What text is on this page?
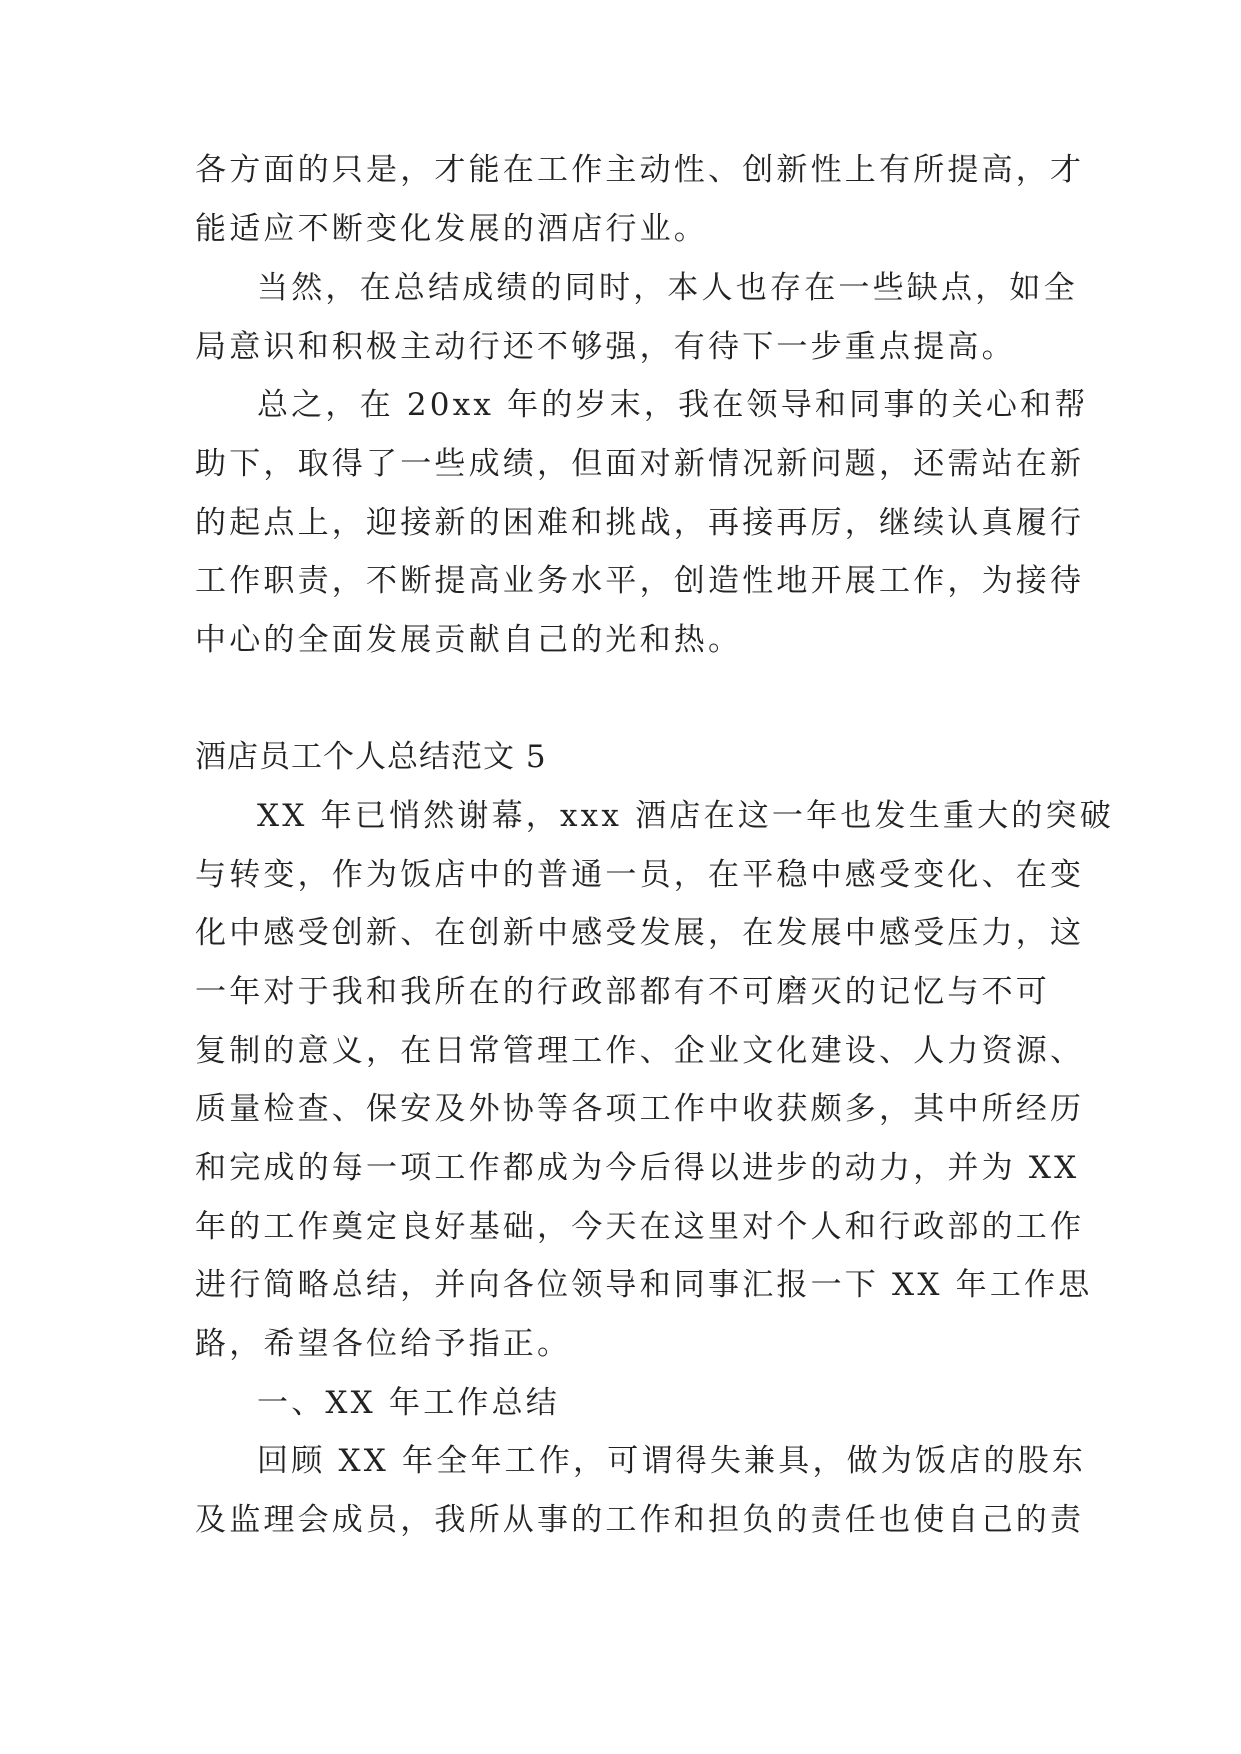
各方面的只是，才能在工作主动性、创新性上有所提高，才
能适应不断变化发展的酒店行业。
当然，在总结成绩的同时，本人也存在一些缺点，如全
局意识和积极主动行还不够强，有待下一步重点提高。
总之，在 20xx 年的岁末，我在领导和同事的关心和帮
助下，取得了一些成绩，但面对新情况新问题，还需站在新
的起点上，迎接新的困难和挑战，再接再厉，继续认真履行
工作职责，不断提高业务水平，创造性地开展工作，为接待
中心的全面发展贡献自己的光和热。
酒店员工个人总结范文 5
XX 年已悄然谢幕，xxx 酒店在这一年也发生重大的突破
与转变，作为饭店中的普通一员，在平稳中感受变化、在变
化中感受创新、在创新中感受发展，在发展中感受压力，这
一年对于我和我所在的行政部都有不可磨灭的记忆与不可
复制的意义，在日常管理工作、企业文化建设、人力资源、
质量检查、保安及外协等各项工作中收获颇多，其中所经历
和完成的每一项工作都成为今后得以进步的动力，并为 XX
年的工作奠定良好基础，今天在这里对个人和行政部的工作
进行简略总结，并向各位领导和同事汇报一下 XX 年工作思
路，希望各位给予指正。
一、XX 年工作总结
回顾 XX 年全年工作，可谓得失兼具，做为饭店的股东
及监理会成员，我所从事的工作和担负的责任也使自己的责
